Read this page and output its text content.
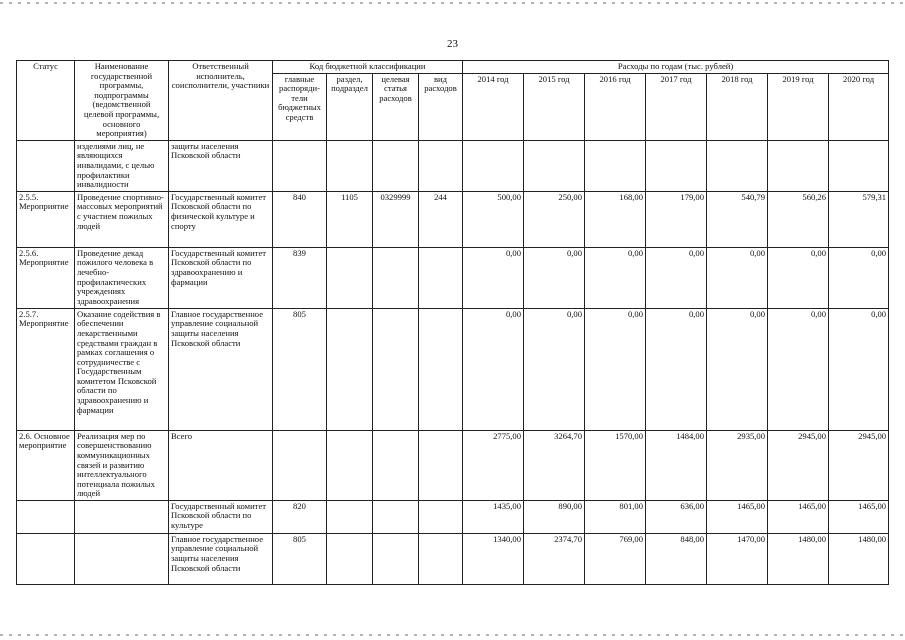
23
Статус	Наименование государственной программы, подпрограммы (ведомственной целевой программы, основного мероприятия)	Ответственный исполнитель, соисполнители, участники	Код бюджетной классификации				Расходы по годам (тыс. рублей)						
			главные распоряди-тели бюджетных средств	раздел, подраздел	целевая статья расходов	вид расходов	2014 год	2015 год	2016 год	2017 год	2018 год	2019 год	2020 год
	изделиями лиц, не являющихся инвалидами, с целью профилактики инвалидности	защиты населения Псковской области											
2.5.5. Мероприятие	Проведение спортивно-массовых мероприятий с участием пожилых людей	Государственный комитет Псковской области по физической культуре и спорту	840	1105	0329999	244	500,00	250,00	168,00	179,00	540,79	560,26	579,31
2.5.6. Мероприятие	Проведение декад пожилого человека в лечебно-профилактических учреждениях здравоохранения	Государственный комитет Псковской области по здравоохранению и фармации	839				0,00	0,00	0,00	0,00	0,00	0,00	0,00
2.5.7. Мероприятие	Оказание содействия в обеспечении лекарственными средствами граждан в рамках соглашения о сотрудничестве с Государственным комитетом Псковской области по здравоохранению и фармации	Главное государственное управление социальной защиты населения Псковской области	805				0,00	0,00	0,00	0,00	0,00	0,00	0,00
2.6. Основное мероприятие	Реализация мер по совершенствованию коммуникационных связей и развитию интеллектуального потенциала пожилых людей	Всего					2775,00	3264,70	1570,00	1484,00	2935,00	2945,00	2945,00
		Государственный комитет Псковской области по культуре	820				1435,00	890,00	801,00	636,00	1465,00	1465,00	1465,00
		Главное государственное управление социальной защиты населения Псковской области	805				1340,00	2374,70	769,00	848,00	1470,00	1480,00	1480,00
